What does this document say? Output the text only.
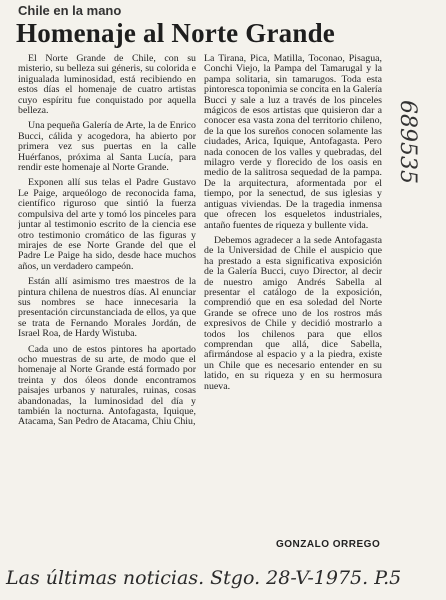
Chile en la mano
Homenaje al Norte Grande

El Norte Grande de Chile, con su misterio, su belleza sui géneris, su colorida e inigualada luminosidad, está recibiendo en estos días el homenaje de cuatro artistas cuyo espíritu fue conquistado por aquella belleza.

Una pequeña Galería de Arte, la de Enrico Bucci, cálida y acogedora, ha abierto por primera vez sus puertas en la calle Huérfanos, próxima al Santa Lucía, para rendir este homenaje al Norte Grande.

Exponen allí sus telas el Padre Gustavo Le Paige, arqueólogo de reconocida fama, científico riguroso que sintió la fuerza compulsiva del arte y tomó los pinceles para juntar al testimonio escrito de la ciencia ese otro testimonio cromático de las figuras y mirajes de ese Norte Grande del que el Padre Le Paige ha sido, desde hace muchos años, un verdadero campeón.

Están allí asimismo tres maestros de la pintura chilena de nuestros días. Al enunciar sus nombres se hace innecesaria la presentación circunstanciada de ellos, ya que se trata de Fernando Morales Jordán, de Israel Roa, de Hardy Wistuba.

Cada uno de estos pintores ha aportado ocho muestras de su arte, de modo que el homenaje al Norte Grande está formado por treinta y dos óleos donde encontramos paisajes urbanos y naturales, ruinas, cosas abandonadas, la luminosidad del día y también la nocturna. Antofagasta, Iquique, Atacama, San Pedro de Atacama, Chiu Chiu,

La Tirana, Pica, Matilla, Toconao, Pisagua, Conchi Viejo, la Pampa del Tamarugal y la pampa solitaria, sin tamarugos. Toda esta pintoresca toponimia se concita en la Galería Bucci y sale a luz a través de los pinceles mágicos de esos artistas que quisieron dar a conocer esa vasta zona del territorio chileno, de la que los sureños conocen solamente las ciudades, Arica, Iquique, Antofagasta. Pero nada conocen de los valles y quebradas, del milagro verde y florecido de los oasis en medio de la salitrosa sequedad de la pampa. De la arquitectura, aformentada por el tiempo, por la senectud, de sus iglesias y antiguas viviendas. De la tragedia inmensa que ofrecen los esqueletos industriales, antaño fuentes de riqueza y bullente vida.

Debemos agradecer a la sede Antofagasta de la Universidad de Chile el auspicio que ha prestado a esta significativa exposición de la Galería Bucci, cuyo Director, al decir de nuestro amigo Andrés Sabella al presentar el catálogo de la exposición, comprendió que en esa soledad del Norte Grande se ofrece uno de los rostros más expresivos de Chile y decidió mostrarlo a todos los chilenos para que ellos comprendan que allá, dice Sabella, afirmándose al espacio y a la piedra, existe un Chile que es necesario entender en su latido, en su riqueza y en su hermosura nueva.

GONZALO ORREGO
Las últimas noticias. Stgo. 28-V-1975. P.5
689535
